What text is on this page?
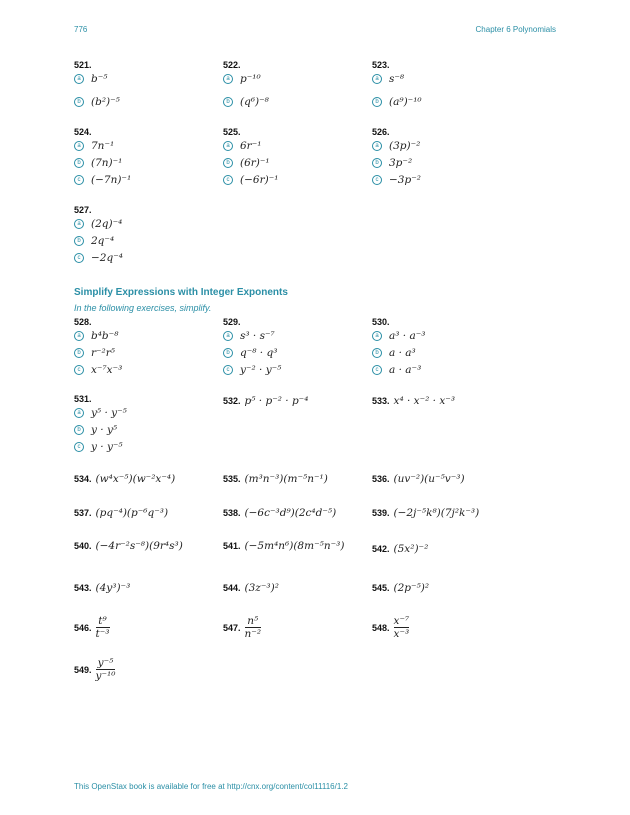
776	Chapter 6 Polynomials
521.
a b⁻⁵
b (b²)⁻⁵
522.
a p⁻¹⁰
b (q⁶)⁻⁸
523.
a s⁻⁸
b (a⁹)⁻¹⁰
524.
a 7n⁻¹
b (7n)⁻¹
c	(−7n)⁻¹
525.
a 6r⁻¹
b (6r)⁻¹
c	(−6r)⁻¹
526.
a (3p)⁻²
b 3p⁻²
c	−3p⁻²
527.
a (2q)⁻⁴
b 2q⁻⁴
c	−2q⁻⁴
Simplify Expressions with Integer Exponents
In the following exercises, simplify.
528.
a b⁴b⁻⁸
b r⁻²r⁵
c	x⁻⁷x⁻³
529.
a s³ · s⁻⁷
b q⁻⁸ · q³
c	y⁻² · y⁻⁵
530.
a a³ · a⁻³
b a · a³
c	a · a⁻³
531.
a y⁵ · y⁻⁵
b y · y⁵
c	y · y⁻⁵
532. p⁵ · p⁻² · p⁻⁴	533. x⁴ · x⁻² · x⁻³
534. (w⁴x⁻⁵)(w⁻²x⁻⁴)	535. (m³n⁻³)(m⁻⁵n⁻¹)	536. (uv⁻²)(u⁻⁵v⁻³)
537. (pq⁻⁴)(p⁻⁶q⁻³)	538. (−6c⁻³d⁹)(2c⁴d⁻⁵)	539. (−2j⁻⁵k⁸)(7j²k⁻³)
540. (−4r⁻²s⁻⁸)(9r⁴s³)	541. (−5m⁴n⁶)(8m⁻⁵n⁻³)	542. (5x²)⁻²
543. (4y³)⁻³	544. (3z⁻³)²	545. (2p⁻⁵)²
546. $\frac{\text{t⁹}}{\text{t⁻³}}$	547. $\frac{\text{n⁵}}{\text{n⁻²}}$	548. $\frac{\text{x⁻⁷}}{\text{x⁻³}}$
549. $\frac{\text{y⁻⁵}}{\text{y⁻¹⁰}}$
This OpenStax book is available for free at http://cnx.org/content/col11116/1.2
